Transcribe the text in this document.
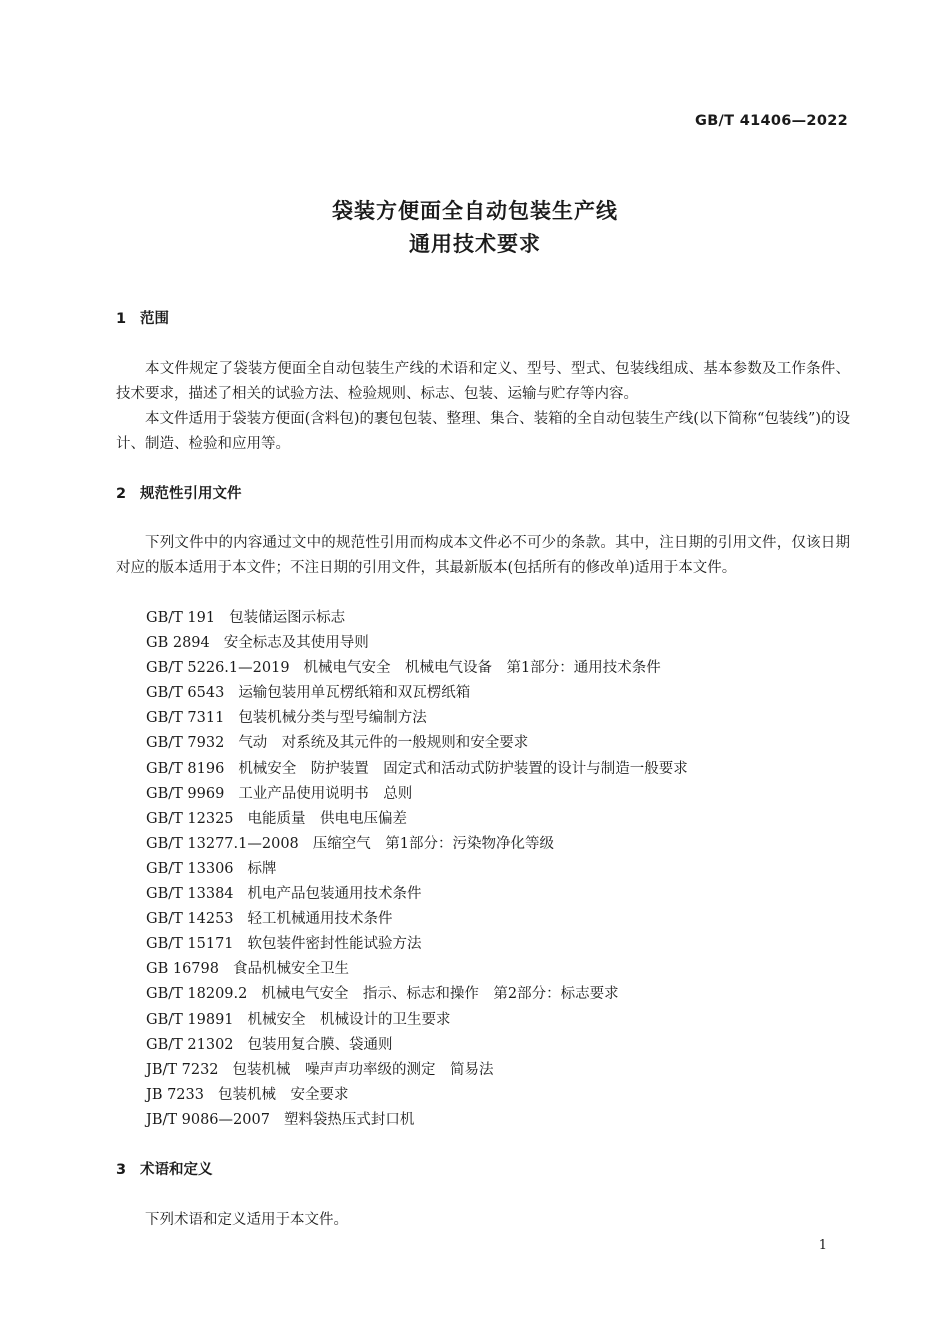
GB/T 41406—2022
袋装方便面全自动包装生产线
通用技术要求
1 范围
本文件规定了袋装方便面全自动包装生产线的术语和定义、型号、型式、包装线组成、基本参数及工作条件、技术要求，描述了相关的试验方法、检验规则、标志、包装、运输与贮存等内容。
本文件适用于袋装方便面(含料包)的裹包包装、整理、集合、装箱的全自动包装生产线(以下简称“包装线”)的设计、制造、检验和应用等。
2 规范性引用文件
下列文件中的内容通过文中的规范性引用而构成本文件必不可少的条款。其中，注日期的引用文件，仅该日期对应的版本适用于本文件；不注日期的引用文件，其最新版本(包括所有的修改单)适用于本文件。
GB/T 191 包装储运图示标志
GB 2894 安全标志及其使用导则
GB/T 5226.1—2019 机械电气安全　机械电气设备　第1部分：通用技术条件
GB/T 6543 运输包装用单瓦楞纸箱和双瓦楞纸箱
GB/T 7311 包装机械分类与型号编制方法
GB/T 7932 气动　对系统及其元件的一般规则和安全要求
GB/T 8196 机械安全　防护装置　固定式和活动式防护装置的设计与制造一般要求
GB/T 9969 工业产品使用说明书　总则
GB/T 12325 电能质量　供电电压偏差
GB/T 13277.1—2008 压缩空气　第1部分：污染物净化等级
GB/T 13306 标牌
GB/T 13384 机电产品包装通用技术条件
GB/T 14253 轻工机械通用技术条件
GB/T 15171 软包装件密封性能试验方法
GB 16798 食品机械安全卫生
GB/T 18209.2 机械电气安全　指示、标志和操作　第2部分：标志要求
GB/T 19891 机械安全　机械设计的卫生要求
GB/T 21302 包装用复合膜、袋通则
JB/T 7232 包装机械　噪声声功率级的测定　简易法
JB 7233 包装机械　安全要求
JB/T 9086—2007 塑料袋热压式封口机
3 术语和定义
下列术语和定义适用于本文件。
1
